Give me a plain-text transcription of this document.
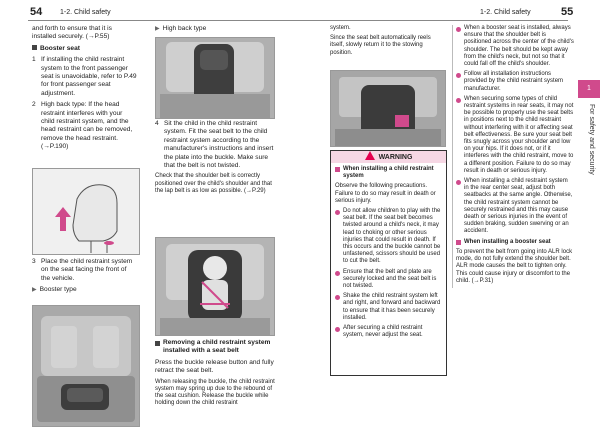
54	1-2. Child safety	1-2. Child safety	55

and forth to ensure that it is installed securely. (→P.55)

Booster seat

1 If installing the child restraint system to the front passenger seat is unavoidable, refer to P.49 for front passenger seat adjustment.

2 High back type: If the head restraint interferes with your child restraint system, and the head restraint can be removed, remove the head restraint. (→P.190)

3 Place the child restraint system on the seat facing the front of the vehicle.

▶ Booster type

▶ High back type

4 Sit the child in the child restraint system. Fit the seat belt to the child restraint system according to the manufacturer's instructions and insert the plate into the buckle. Make sure that the belt is not twisted.

Check that the shoulder belt is correctly positioned over the child's shoulder and that the lap belt is as low as possible. (→P.29)

Removing a child restraint system installed with a seat belt

Press the buckle release button and fully retract the seat belt.

When releasing the buckle, the child restraint system may spring up due to the rebound of the seat cushion. Release the buckle while holding down the child restraint

system.

Since the seat belt automatically reels itself, slowly return it to the stowing position.

WARNING

When installing a child restraint system

Observe the following precautions.

Failure to do so may result in death or serious injury.

Do not allow children to play with the seat belt. If the seat belt becomes twisted around a child's neck, it may lead to choking or other serious injuries that could result in death. If this occurs and the buckle cannot be unfastened, scissors should be used to cut the belt.

Ensure that the belt and plate are securely locked and the seat belt is not twisted.

Shake the child restraint system left and right, and forward and backward to ensure that it has been securely installed.

After securing a child restraint system, never adjust the seat.

When a booster seat is installed, always ensure that the shoulder belt is positioned across the center of the child's shoulder. The belt should be kept away from the child's neck, but not so that it could fall off the child's shoulder.

Follow all installation instructions provided by the child restraint system manufacturer.

When securing some types of child restraint systems in rear seats, it may not be possible to properly use the seat belts in positions next to the child restraint without interfering with it or affecting seat belt effectiveness. Be sure your seat belt fits snugly across your shoulder and low on your hips. If it does not, or if it interferes with the child restraint, move to a different position. Failure to do so may result in death or serious injury.

When installing a child restraint system in the rear center seat, adjust both seatbacks at the same angle. Otherwise, the child restraint system cannot be securely restrained and this may cause death or serious injuries in the event of sudden braking, sudden swerving or an accident.

When installing a booster seat

To prevent the belt from going into ALR lock mode, do not fully extend the shoulder belt. ALR mode causes the belt to tighten only. This could cause injury or discomfort to the child. (→P.31)

1
For safety and security
